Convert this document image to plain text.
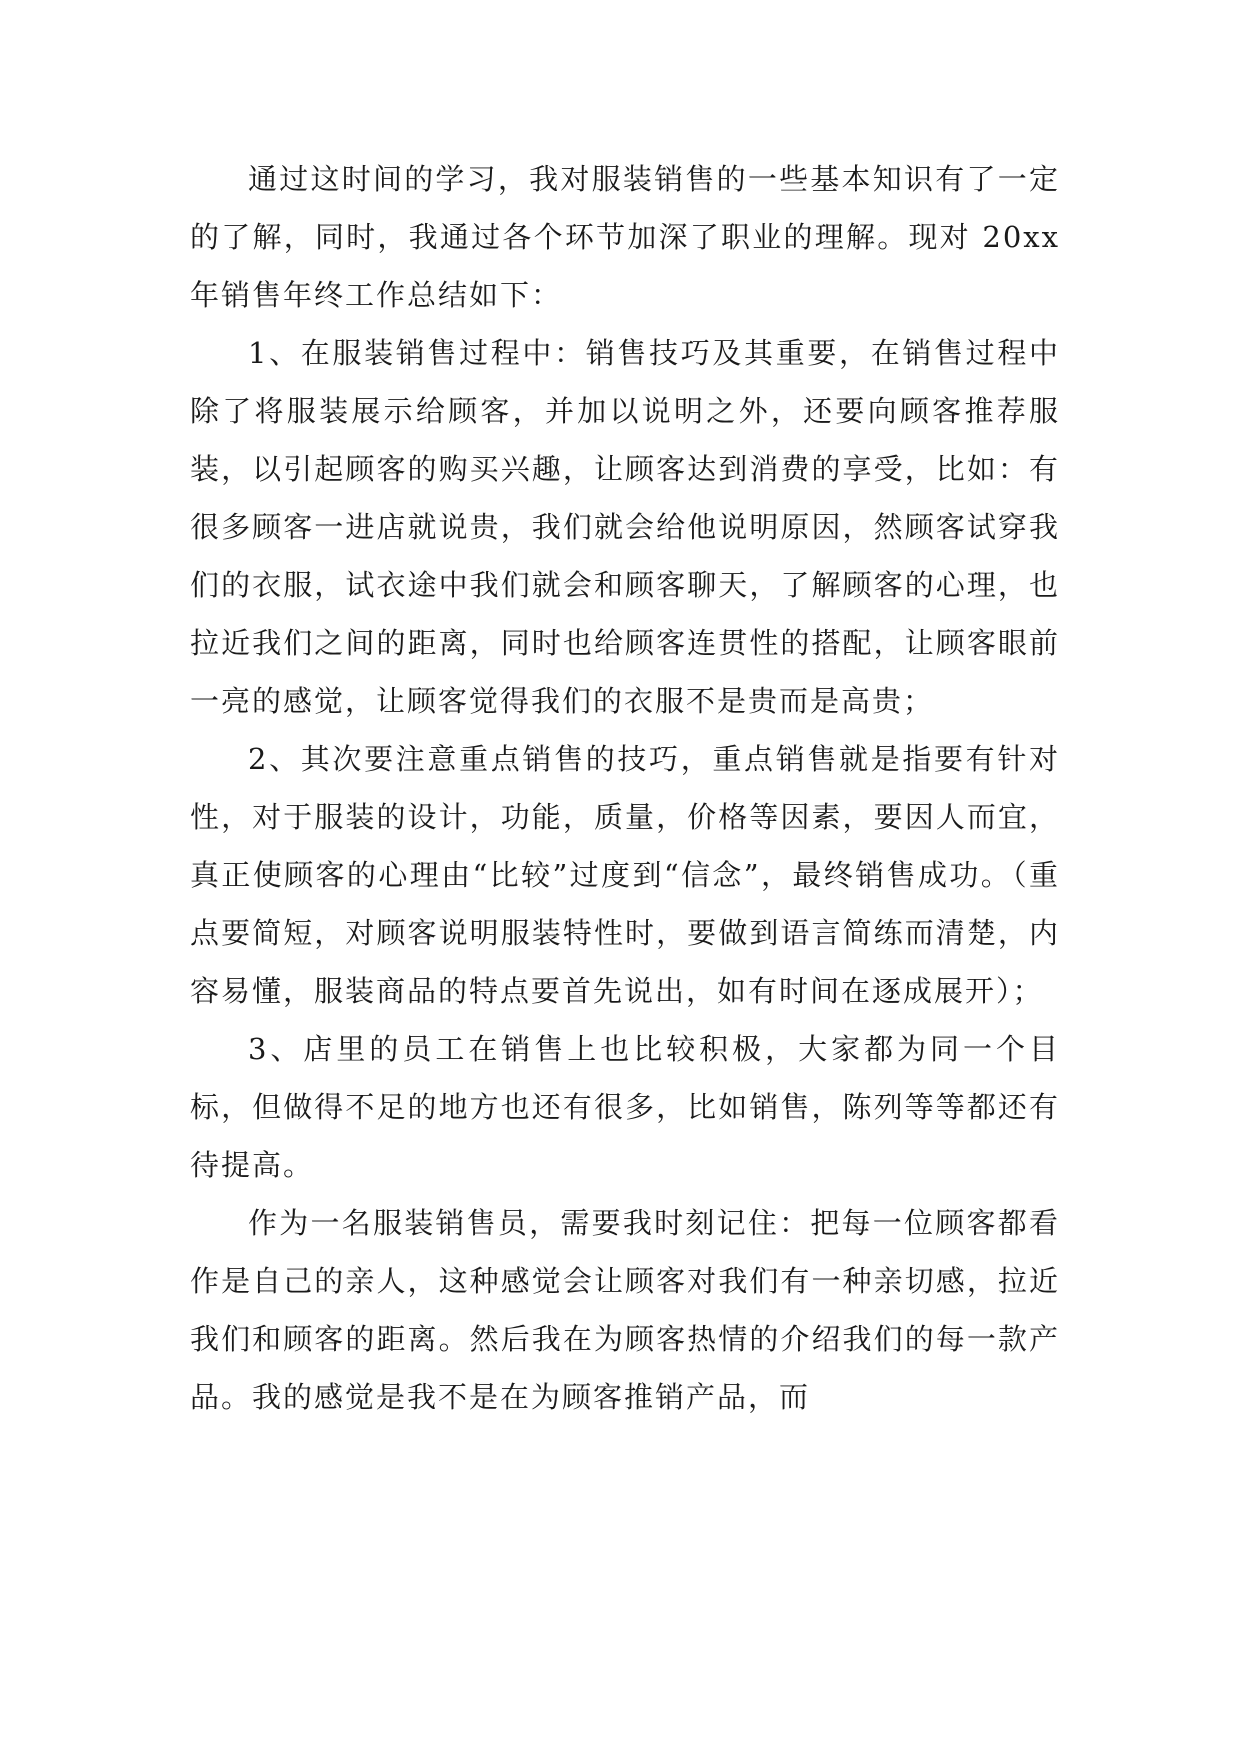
通过这时间的学习，我对服装销售的一些基本知识有了一定的了解，同时，我通过各个环节加深了职业的理解。现对 20xx 年销售年终工作总结如下：

1、在服装销售过程中：销售技巧及其重要，在销售过程中除了将服装展示给顾客，并加以说明之外，还要向顾客推荐服装，以引起顾客的购买兴趣，让顾客达到消费的享受，比如：有很多顾客一进店就说贵，我们就会给他说明原因，然顾客试穿我们的衣服，试衣途中我们就会和顾客聊天，了解顾客的心理，也拉近我们之间的距离，同时也给顾客连贯性的搭配，让顾客眼前一亮的感觉，让顾客觉得我们的衣服不是贵而是高贵；

2、其次要注意重点销售的技巧，重点销售就是指要有针对性，对于服装的设计，功能，质量，价格等因素，要因人而宜，真正使顾客的心理由“比较”过度到“信念”，最终销售成功。（重点要简短，对顾客说明服装特性时，要做到语言简练而清楚，内容易懂，服装商品的特点要首先说出，如有时间在逐成展开）；

3、店里的员工在销售上也比较积极，大家都为同一个目标，但做得不足的地方也还有很多，比如销售，陈列等等都还有待提高。

作为一名服装销售员，需要我时刻记住：把每一位顾客都看作是自己的亲人，这种感觉会让顾客对我们有一种亲切感，拉近我们和顾客的距离。然后我在为顾客热情的介绍我们的每一款产品。我的感觉是我不是在为顾客推销产品，而
